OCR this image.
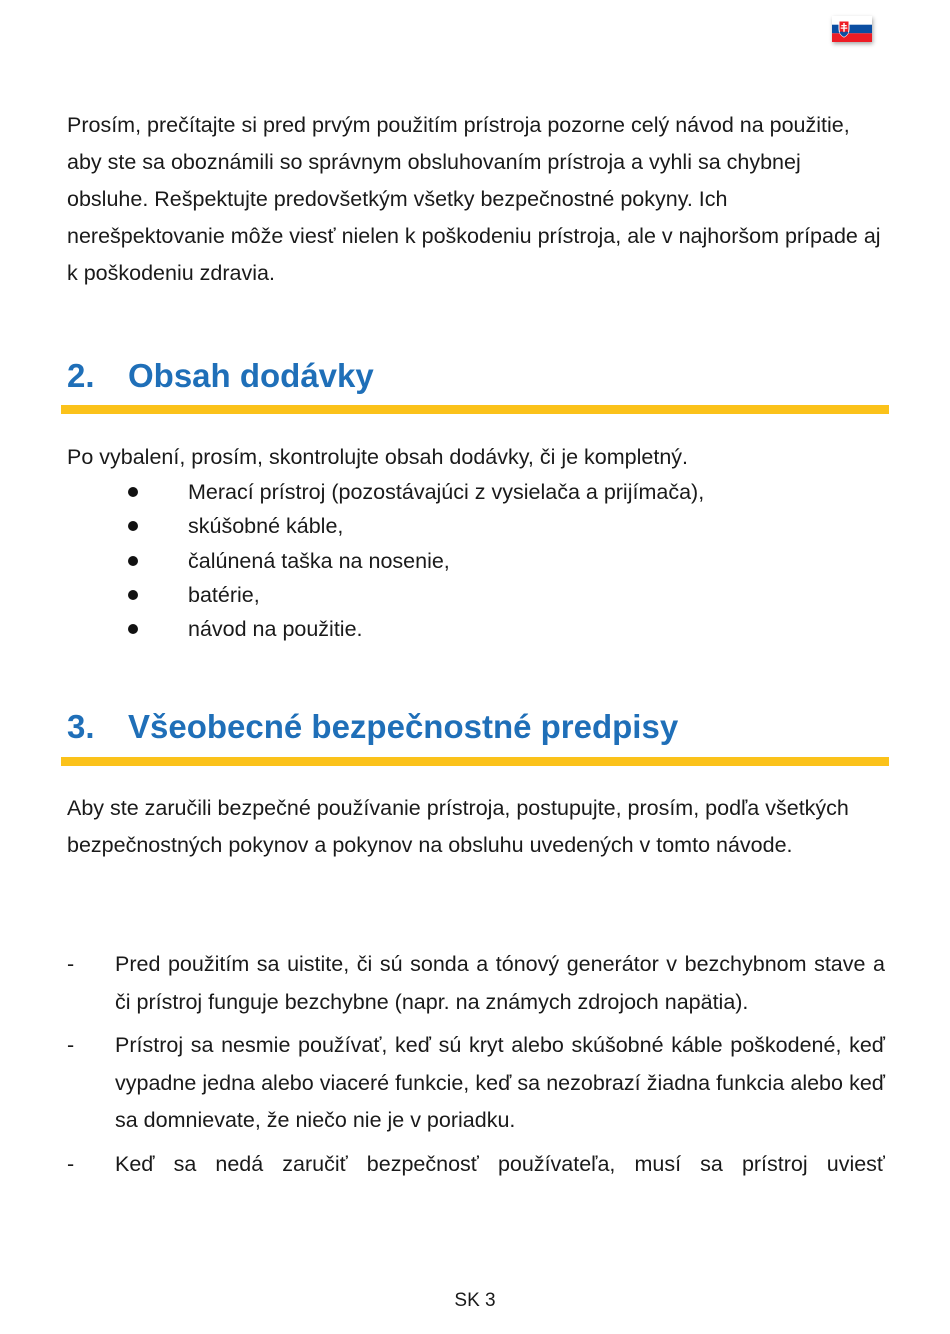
Prosím, prečítajte si pred prvým použitím prístroja pozorne celý návod na použitie, aby ste sa oboznámili so správnym obsluhovaním prístroja a vyhli sa chybnej obsluhe. Rešpektujte predovšetkým všetky bezpečnostné pokyny. Ich nerešpektovanie môže viesť nielen k poškodeniu prístroja, ale v najhoršom prípade aj k poškodeniu zdravia.

2. Obsah dodávky

Po vybalení, prosím, skontrolujte obsah dodávky, či je kompletný.

Merací prístroj (pozostávajúci z vysielača a prijímača),
skúšobné káble,
čalúnená taška na nosenie,
batérie,
návod na použitie.
3. Všeobecné bezpečnostné predpisy

Aby ste zaručili bezpečné používanie prístroja, postupujte, prosím, podľa všetkých bezpečnostných pokynov a pokynov na obsluhu uvedených v tomto návode.

- Pred použitím sa uistite, či sú sonda a tónový generátor v bezchybnom stave a či prístroj funguje bezchybne (napr. na známych zdrojoch napätia).
- Prístroj sa nesmie používať, keď sú kryt alebo skúšobné káble poškodené, keď vypadne jedna alebo viaceré funkcie, keď sa nezobrazí žiadna funkcia alebo keď sa domnievate, že niečo nie je v poriadku.
- Keď sa nedá zaručiť bezpečnosť používateľa, musí sa prístroj uviesť
SK 3
